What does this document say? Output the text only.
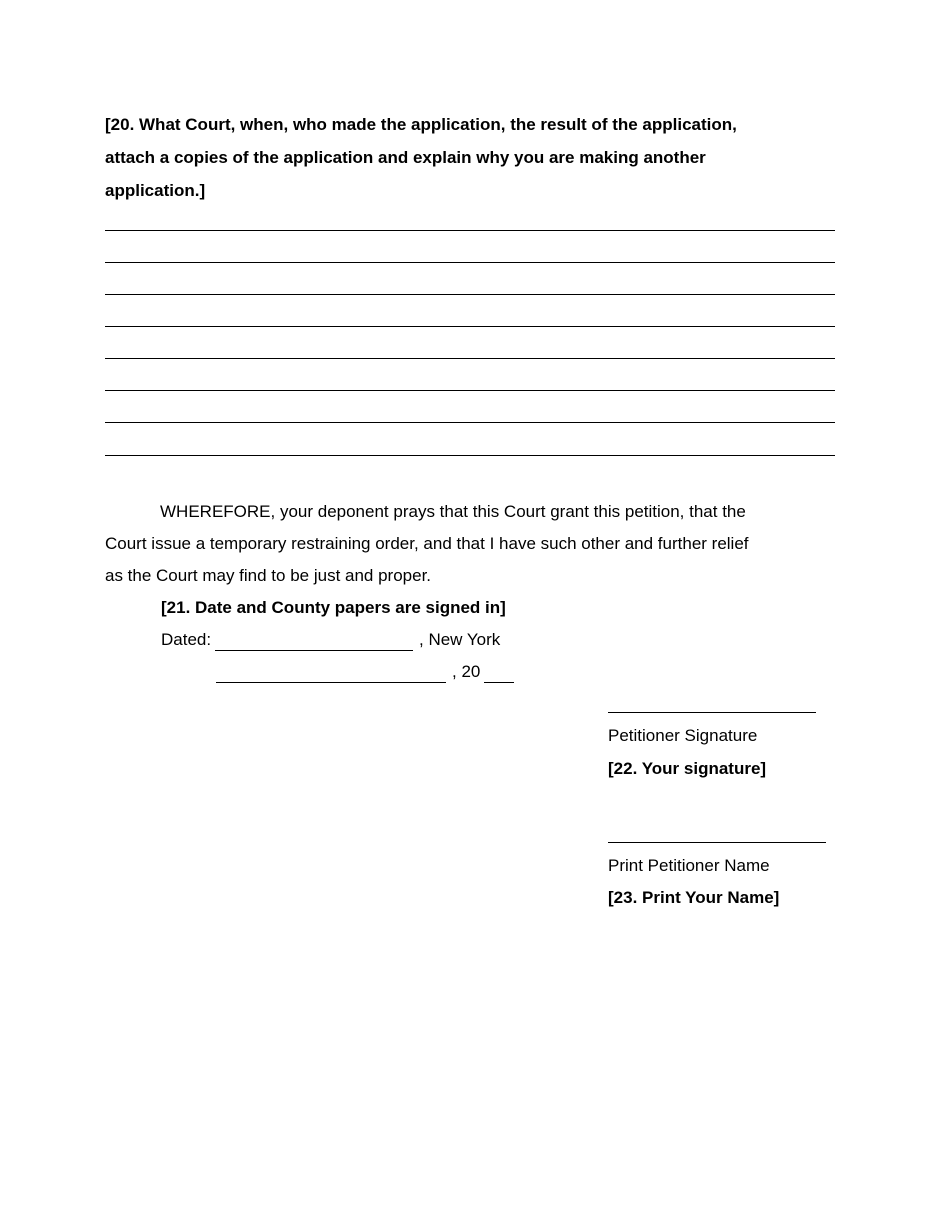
[20. What Court, when, who made the application, the result of the application,
attach a copies of the application and explain why you are making another
application.]
WHEREFORE, your deponent prays that this Court grant this petition, that the
Court issue a temporary restraining order, and that I have such other and further relief
as the Court may find to be just and proper.
[21. Date and County papers are signed in]
Dated:	, New York
, 20
Petitioner Signature
[22. Your signature]
Print Petitioner Name
[23. Print Your Name]
